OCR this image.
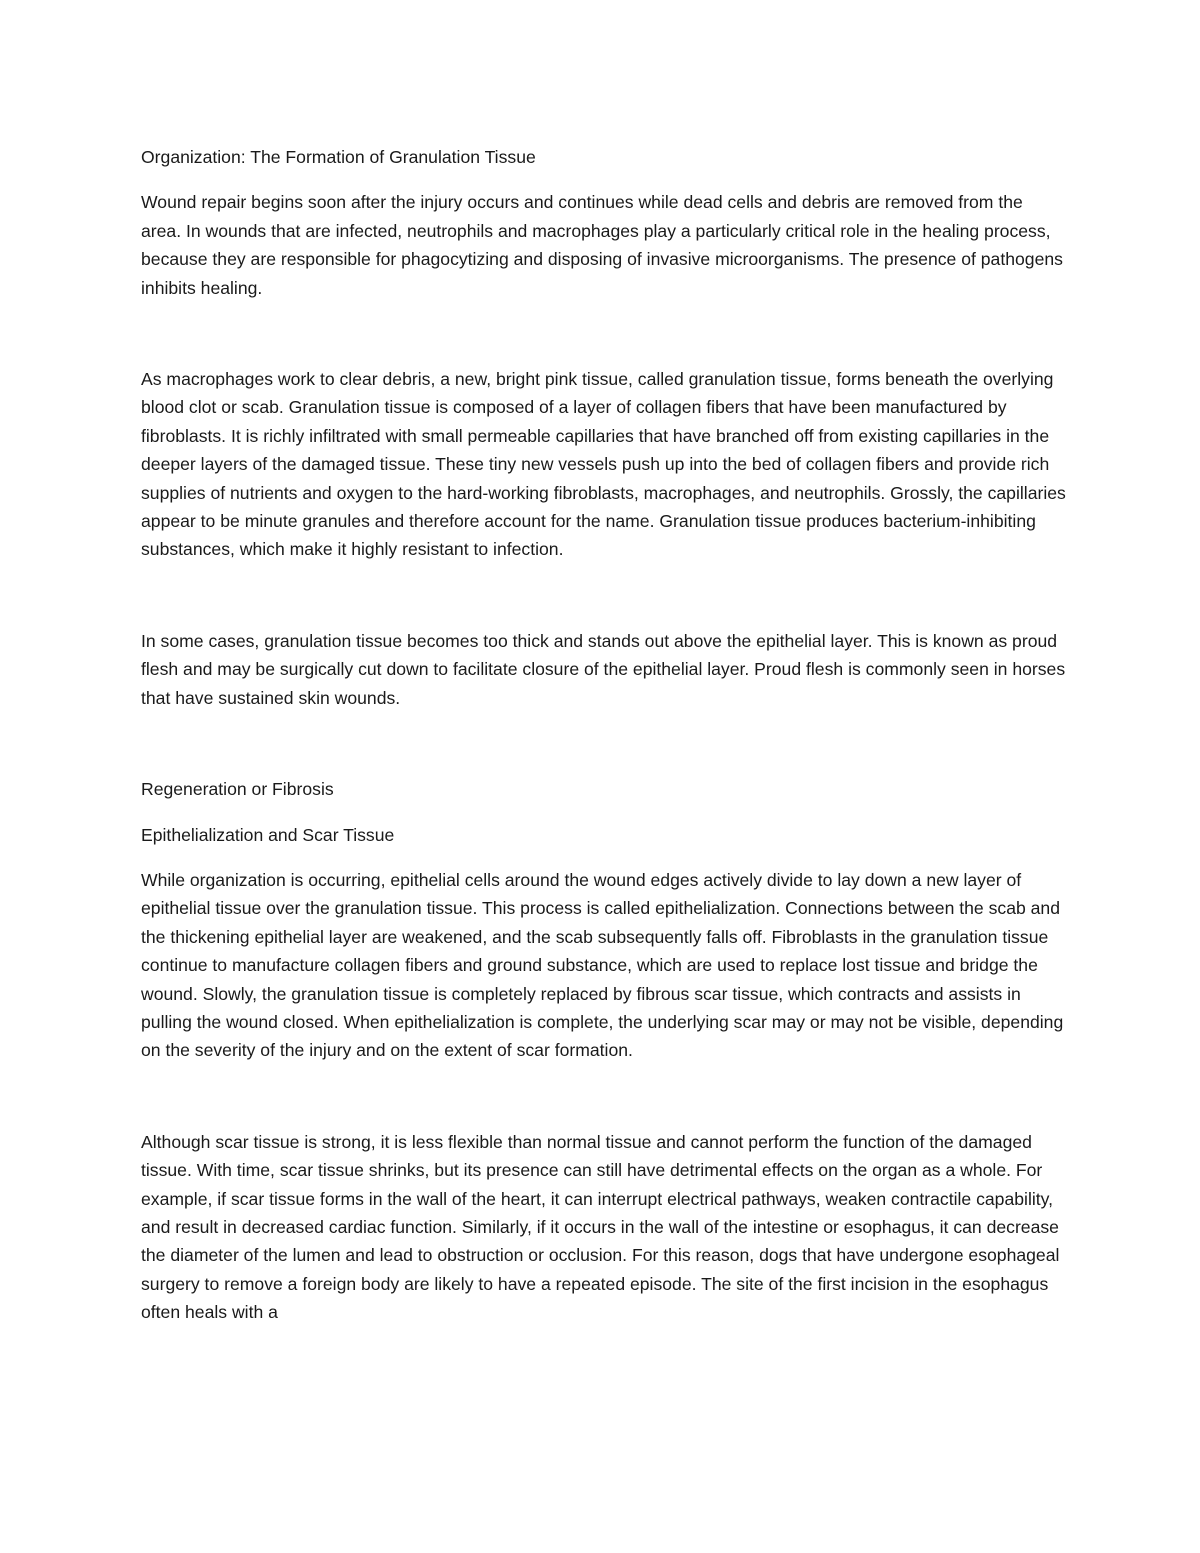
Organization: The Formation of Granulation Tissue

Wound repair begins soon after the injury occurs and continues while dead cells and debris are removed from the area. In wounds that are infected, neutrophils and macrophages play a particularly critical role in the healing process, because they are responsible for phagocytizing and disposing of invasive microorganisms. The presence of pathogens inhibits healing.

As macrophages work to clear debris, a new, bright pink tissue, called granulation tissue, forms beneath the overlying blood clot or scab. Granulation tissue is composed of a layer of collagen fibers that have been manufactured by fibroblasts. It is richly infiltrated with small permeable capillaries that have branched off from existing capillaries in the deeper layers of the damaged tissue. These tiny new vessels push up into the bed of collagen fibers and provide rich supplies of nutrients and oxygen to the hard-working fibroblasts, macrophages, and neutrophils. Grossly, the capillaries appear to be minute granules and therefore account for the name. Granulation tissue produces bacterium-inhibiting substances, which make it highly resistant to infection.

In some cases, granulation tissue becomes too thick and stands out above the epithelial layer. This is known as proud flesh and may be surgically cut down to facilitate closure of the epithelial layer. Proud flesh is commonly seen in horses that have sustained skin wounds.

Regeneration or Fibrosis

Epithelialization and Scar Tissue

While organization is occurring, epithelial cells around the wound edges actively divide to lay down a new layer of epithelial tissue over the granulation tissue. This process is called epithelialization. Connections between the scab and the thickening epithelial layer are weakened, and the scab subsequently falls off. Fibroblasts in the granulation tissue continue to manufacture collagen fibers and ground substance, which are used to replace lost tissue and bridge the wound. Slowly, the granulation tissue is completely replaced by fibrous scar tissue, which contracts and assists in pulling the wound closed. When epithelialization is complete, the underlying scar may or may not be visible, depending on the severity of the injury and on the extent of scar formation.

Although scar tissue is strong, it is less flexible than normal tissue and cannot perform the function of the damaged tissue. With time, scar tissue shrinks, but its presence can still have detrimental effects on the organ as a whole. For example, if scar tissue forms in the wall of the heart, it can interrupt electrical pathways, weaken contractile capability, and result in decreased cardiac function. Similarly, if it occurs in the wall of the intestine or esophagus, it can decrease the diameter of the lumen and lead to obstruction or occlusion. For this reason, dogs that have undergone esophageal surgery to remove a foreign body are likely to have a repeated episode. The site of the first incision in the esophagus often heals with a
